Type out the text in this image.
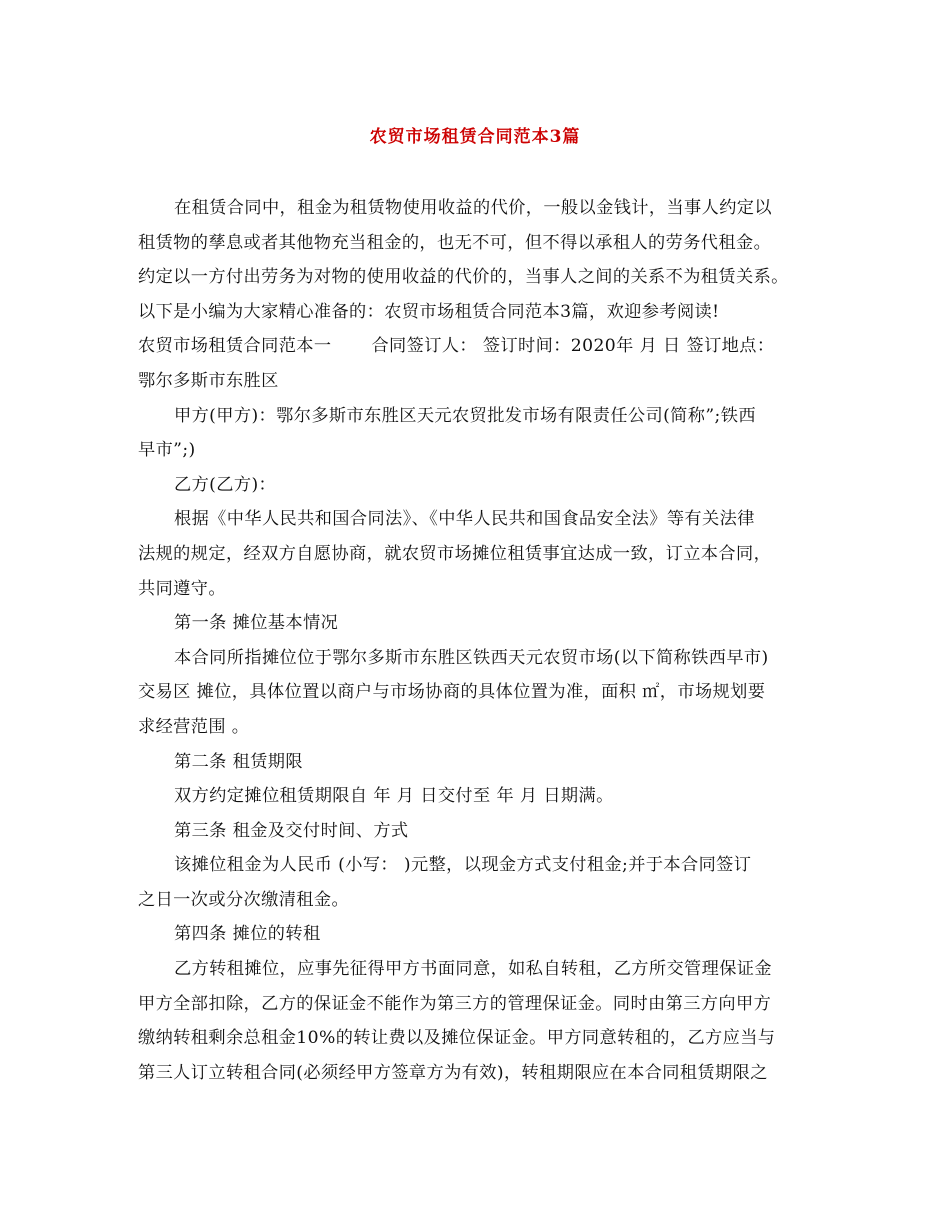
农贸市场租赁合同范本3篇
在租赁合同中，租金为租赁物使用收益的代价，一般以金钱计，当事人约定以
租赁物的孳息或者其他物充当租金的，也无不可，但不得以承租人的劳务代租金。
约定以一方付出劳务为对物的使用收益的代价的，当事人之间的关系不为租赁关系。
以下是小编为大家精心准备的：农贸市场租赁合同范本3篇，欢迎参考阅读!
农贸市场租赁合同范本一 合同签订人： 签订时间：2020年 月 日 签订地点：
鄂尔多斯市东胜区
甲方(甲方)：鄂尔多斯市东胜区天元农贸批发市场有限责任公司(简称”;铁西
早市”;)
乙方(乙方)：
根据《中华人民共和国合同法》、《中华人民共和国食品安全法》等有关法律
法规的规定，经双方自愿协商，就农贸市场摊位租赁事宜达成一致，订立本合同，
共同遵守。
第一条 摊位基本情况
本合同所指摊位位于鄂尔多斯市东胜区铁西天元农贸市场(以下简称铁西早市)
交易区 摊位，具体位置以商户与市场协商的具体位置为准，面积 ㎡，市场规划要
求经营范围 。
第二条 租赁期限
双方约定摊位租赁期限自 年 月 日交付至 年 月 日期满。
第三条 租金及交付时间、方式
该摊位租金为人民币 (小写： )元整，以现金方式支付租金;并于本合同签订
之日一次或分次缴清租金。
第四条 摊位的转租
乙方转租摊位，应事先征得甲方书面同意，如私自转租，乙方所交管理保证金
甲方全部扣除，乙方的保证金不能作为第三方的管理保证金。同时由第三方向甲方
缴纳转租剩余总租金10%的转让费以及摊位保证金。甲方同意转租的，乙方应当与
第三人订立转租合同(必须经甲方签章方为有效)，转租期限应在本合同租赁期限之
